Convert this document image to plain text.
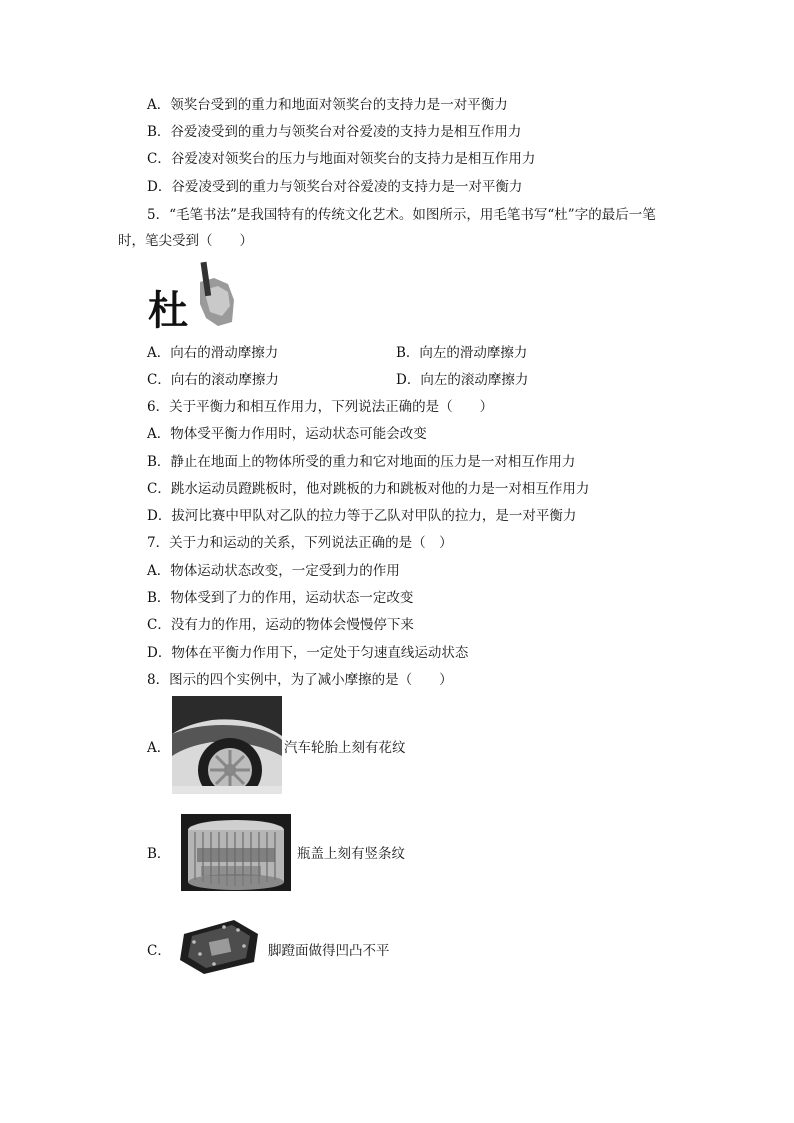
A．领奖台受到的重力和地面对领奖台的支持力是一对平衡力
B．谷爱凌受到的重力与领奖台对谷爱凌的支持力是相互作用力
C．谷爱凌对领奖台的压力与地面对领奖台的支持力是相互作用力
D．谷爱凌受到的重力与领奖台对谷爱凌的支持力是一对平衡力
5．“毛笔书法”是我国特有的传统文化艺术。如图所示，用毛笔书写“杜”字的最后一笔
时，笔尖受到（　　）
杜
A．向右的滑动摩擦力	B．向左的滑动摩擦力
C．向右的滚动摩擦力	D．向左的滚动摩擦力
6．关于平衡力和相互作用力，下列说法正确的是（　　）
A．物体受平衡力作用时，运动状态可能会改变
B．静止在地面上的物体所受的重力和它对地面的压力是一对相互作用力
C．跳水运动员蹬跳板时，他对跳板的力和跳板对他的力是一对相互作用力
D．拔河比赛中甲队对乙队的拉力等于乙队对甲队的拉力，是一对平衡力
7．关于力和运动的关系，下列说法正确的是（　）
A．物体运动状态改变，一定受到力的作用
B．物体受到了力的作用，运动状态一定改变
C．没有力的作用，运动的物体会慢慢停下来
D．物体在平衡力作用下，一定处于匀速直线运动状态
8．图示的四个实例中，为了减小摩擦的是（　　）
A．	汽车轮胎上刻有花纹
B．	瓶盖上刻有竖条纹
C．	脚蹬面做得凹凸不平
